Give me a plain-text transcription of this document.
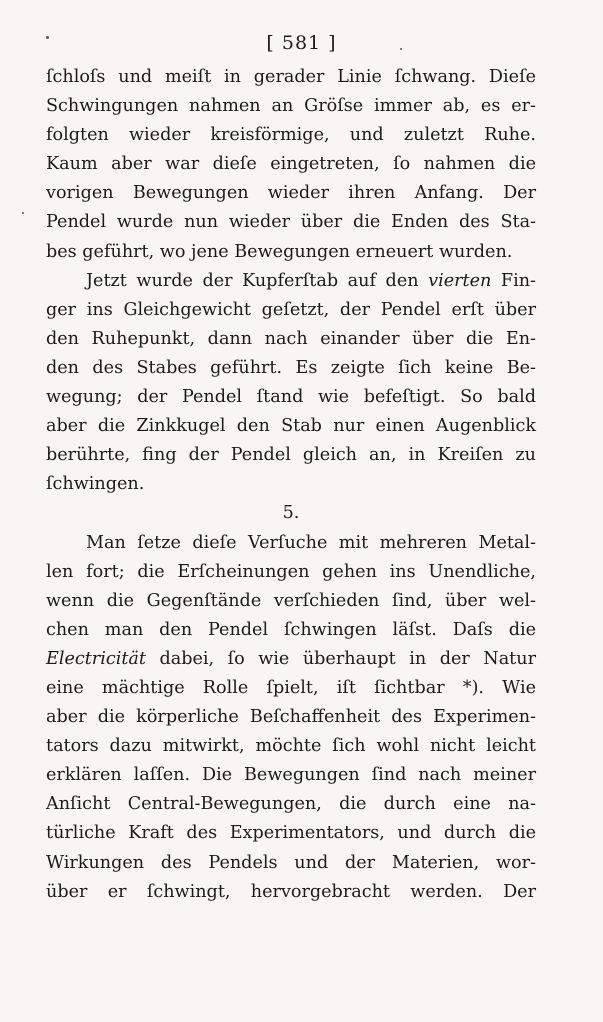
[ 581 ]
ſchloſs und meiſt in gerader Linie ſchwang. Dieſe
Schwingungen nahmen an Gröſse immer ab, es er-
folgten wieder kreisförmige, und zuletzt Ruhe.
Kaum aber war dieſe eingetreten, ſo nahmen die
vorigen Bewegungen wieder ihren Anfang. Der
Pendel wurde nun wieder über die Enden des Sta-
bes geführt, wo jene Bewegungen erneuert wurden.
Jetzt wurde der Kupferſtab auf den vierten Fin-
ger ins Gleichgewicht geſetzt, der Pendel erſt über
den Ruhepunkt, dann nach einander über die En-
den des Stabes geführt. Es zeigte ſich keine Be-
wegung; der Pendel ſtand wie befeſtigt. So bald
aber die Zinkkugel den Stab nur einen Augenblick
berührte, fing der Pendel gleich an, in Kreiſen zu
ſchwingen.
5.
Man ſetze dieſe Verſuche mit mehreren Metal-
len fort; die Erſcheinungen gehen ins Unendliche,
wenn die Gegenſtände verſchieden ſind, über wel-
chen man den Pendel ſchwingen läſst. Daſs die
Electricität dabei, ſo wie überhaupt in der Natur
eine mächtige Rolle ſpielt, iſt ſichtbar *). Wie
aber die körperliche Beſchaffenheit des Experimen-
tators dazu mitwirkt, möchte ſich wohl nicht leicht
erklären laſſen. Die Bewegungen ſind nach meiner
Anſicht Central-Bewegungen, die durch eine na-
türliche Kraft des Experimentators, und durch die
Wirkungen des Pendels und der Materien, wor-
über er ſchwingt, hervorgebracht werden. Der
